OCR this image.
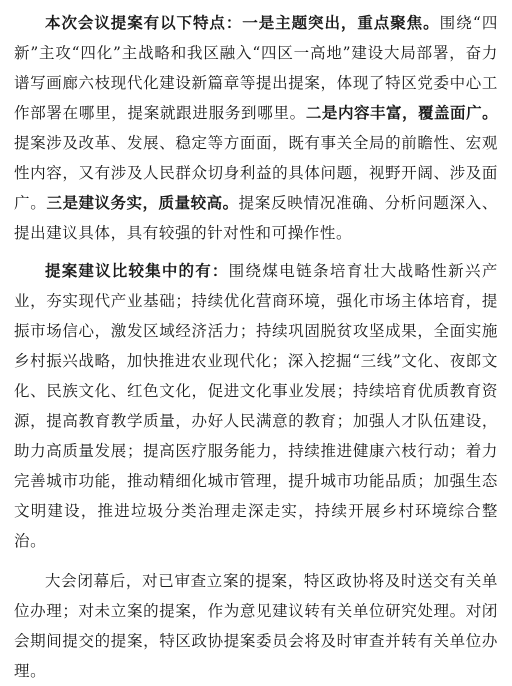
本次会议提案有以下特点：一是主题突出，重点聚焦。围绕“四新”主攻“四化”主战略和我区融入“四区一高地”建设大局部署，奋力谱写画廊六枝现代化建设新篇章等提出提案，体现了特区党委中心工作部署在哪里，提案就跟进服务到哪里。二是内容丰富，覆盖面广。提案涉及改革、发展、稳定等方面面，既有事关全局的前瞻性、宏观性内容，又有涉及人民群众切身利益的具体问题，视野开阔、涉及面广。三是建议务实，质量较高。提案反映情况准确、分析问题深入、提出建议具体，具有较强的针对性和可操作性。

提案建议比较集中的有：围绕煤电链条培育壮大战略性新兴产业，夯实现代产业基础；持续优化营商环境，强化市场主体培育，提振市场信心，激发区域经济活力；持续巩固脱贫攻坚成果，全面实施乡村振兴战略，加快推进农业现代化；深入挖掘“三线”文化、夜郎文化、民族文化、红色文化，促进文化事业发展；持续培育优质教育资源，提高教育教学质量，办好人民满意的教育；加强人才队伍建设，助力高质量发展；提高医疗服务能力，持续推进健康六枝行动；着力完善城市功能，推动精细化城市管理，提升城市功能品质；加强生态文明建设，推进垃圾分类治理走深走实，持续开展乡村环境综合整治。

大会闭幕后，对已审查立案的提案，特区政协将及时送交有关单位办理；对未立案的提案，作为意见建议转有关单位研究处理。对闭会期间提交的提案，特区政协提案委员会将及时审查并转有关单位办理。
